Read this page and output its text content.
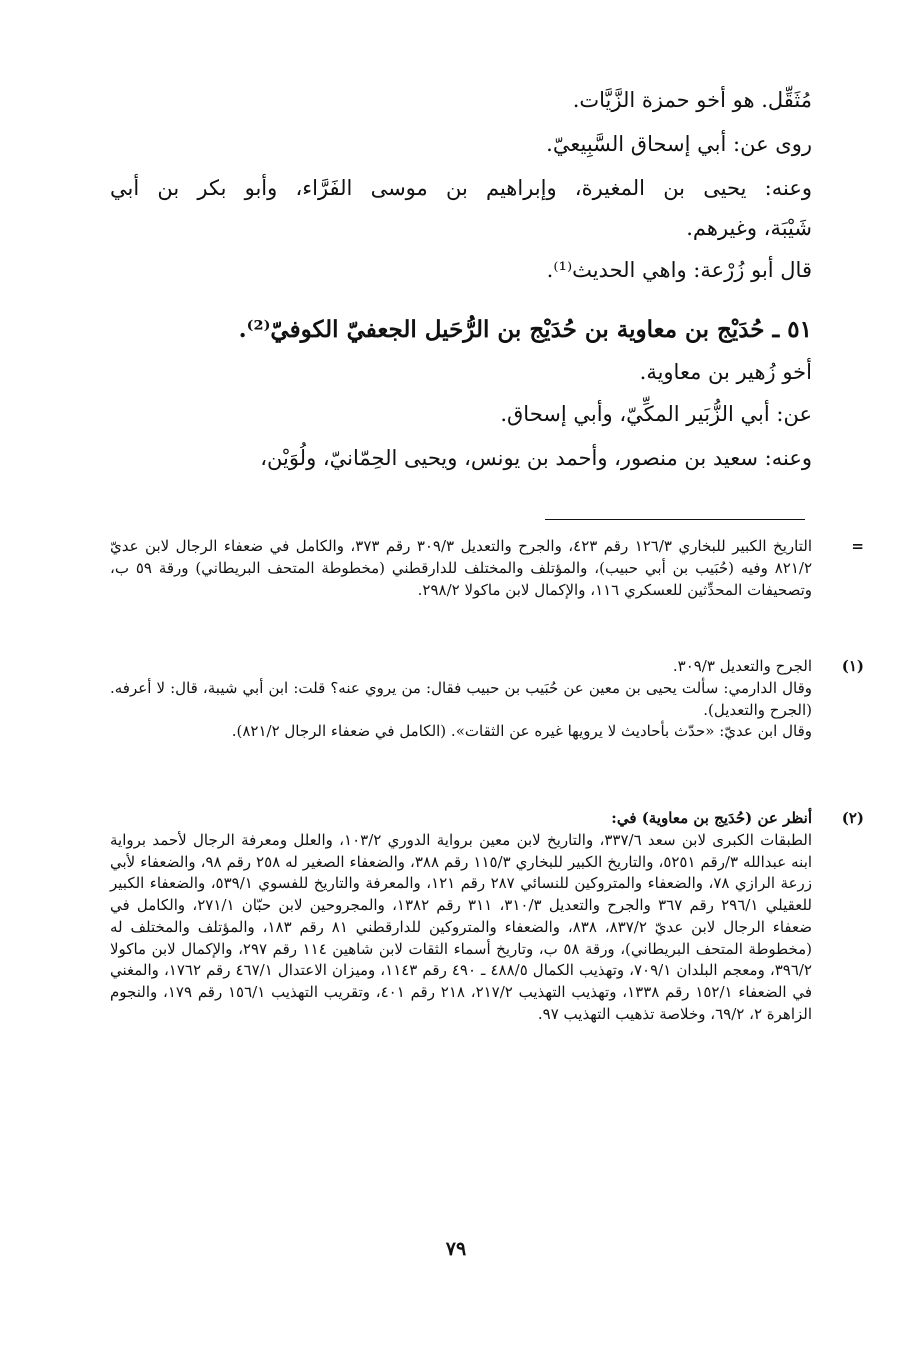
مُثَقِّل. هو أخو حمزة الزَّيَّات.
روى عن: أبي إسحاق السَّبِيعيّ.
وعنه: يحيى بن المغيرة، وإبراهيم بن موسى الفَرَّاء، وأبو بكر بن أبي
شَيْبَة، وغيرهم.
قال أبو زُرْعة: واهي الحديث⁽¹⁾.
٥١ ـ حُدَيْج بن معاوية بن حُدَيْج بن الرُّحَيل الجعفيّ الكوفيّ⁽²⁾.
أخو زُهير بن معاوية.
عن: أبي الزُّبَير المكِّيّ، وأبي إسحاق.
وعنه: سعيد بن منصور، وأحمد بن يونس، ويحيى الحِمّانيّ، ولُوَيْن،
=

التاريخ الكبير للبخاري ١٢٦/٣ رقم ٤٢٣، والجرح والتعديل ٣٠٩/٣ رقم ٣٧٣، والكامل في ضعفاء الرجال لابن عديّ ٨٢١/٢ وفيه (حُبَيب بن أبي حبيب)، والمؤتلف والمختلف للدارقطني (مخطوطة المتحف البريطاني) ورقة ٥٩ ب، وتصحيفات المحدِّثين للعسكري ١١٦، والإكمال لابن ماكولا ٢٩٨/٢.

(١)

الجرح والتعديل ٣٠٩/٣.

وقال الدارمي: سألت يحيى بن معين عن حُبَيب بن حبيب فقال: من يروي عنه؟ قلت: ابن أبي شيبة، قال: لا أعرفه. (الجرح والتعديل).

وقال ابن عديّ: «حدّث بأحاديث لا يرويها غيره عن الثقات». (الكامل في ضعفاء الرجال ٨٢١/٢).

(٢)

أنظر عن (حُدَيج بن معاوية) في:

الطبقات الكبرى لابن سعد ٣٣٧/٦، والتاريخ لابن معين برواية الدوري ١٠٣/٢، والعلل ومعرفة الرجال لأحمد برواية ابنه عبدالله ٣/رقم ٥٢٥١، والتاريخ الكبير للبخاري ١١٥/٣ رقم ٣٨٨، والضعفاء الصغير له ٢٥٨ رقم ٩٨، والضعفاء لأبي زرعة الرازي ٧٨، والضعفاء والمتروكين للنسائي ٢٨٧ رقم ١٢١، والمعرفة والتاريخ للفسوي ٥٣٩/١، والضعفاء الكبير للعقيلي ٢٩٦/١ رقم ٣٦٧ والجرح والتعديل ٣١٠/٣، ٣١١ رقم ١٣٨٢، والمجروحين لابن حبّان ٢٧١/١، والكامل في ضعفاء الرجال لابن عديّ ٨٣٧/٢، ٨٣٨، والضعفاء والمتروكين للدارقطني ٨١ رقم ١٨٣، والمؤتلف والمختلف له (مخطوطة المتحف البريطاني)، ورقة ٥٨ ب، وتاريخ أسماء الثقات لابن شاهين ١١٤ رقم ٢٩٧، والإكمال لابن ماكولا ٣٩٦/٢، ومعجم البلدان ٧٠٩/١، وتهذيب الكمال ٤٨٨/٥ ـ ٤٩٠ رقم ١١٤٣، وميزان الاعتدال ٤٦٧/١ رقم ١٧٦٢، والمغني في الضعفاء ١٥٢/١ رقم ١٣٣٨، وتهذيب التهذيب ٢١٧/٢، ٢١٨ رقم ٤٠١، وتقريب التهذيب ١٥٦/١ رقم ١٧٩، والنجوم الزاهرة ٢، ٦٩/٢، وخلاصة تذهيب التهذيب ٩٧.

٧٩
